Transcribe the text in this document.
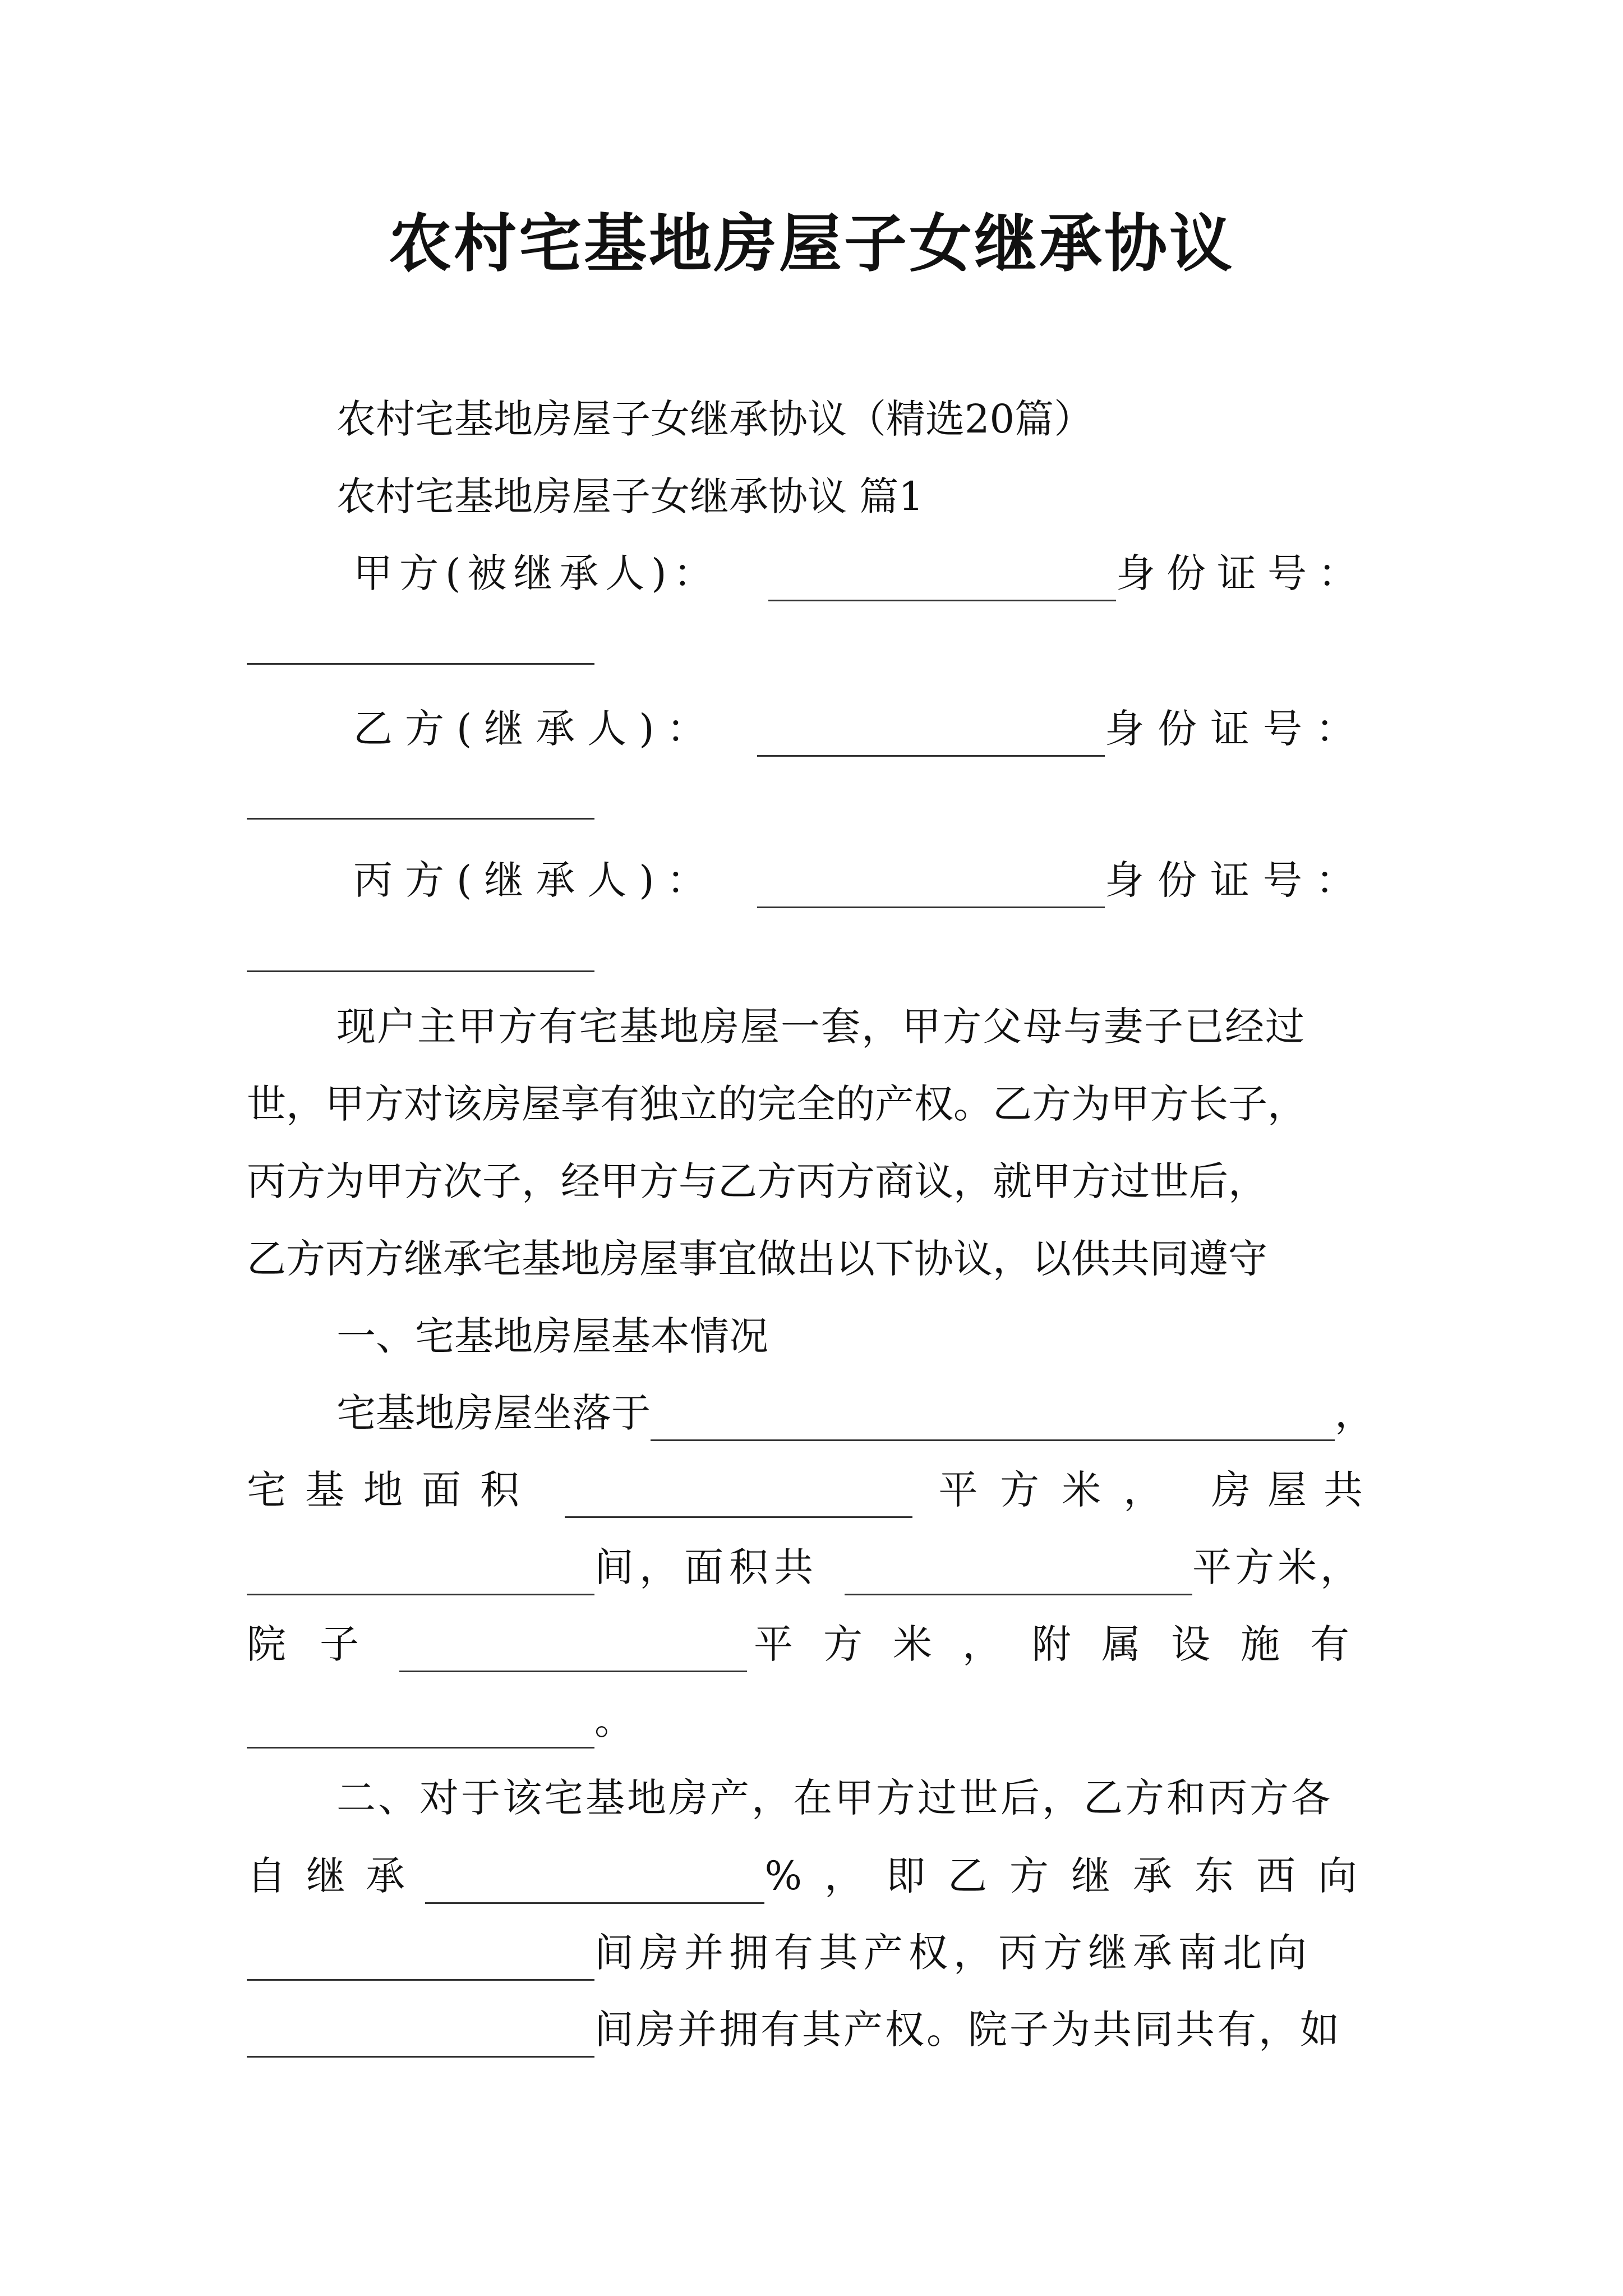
农村宅基地房屋子女继承协议
农村宅基地房屋子女继承协议（精选20篇）
农村宅基地房屋子女继承协议 篇1
甲方(被继承人)：	身份证号：
乙方(继承人)：	身份证号：
丙方(继承人)：	身份证号：
现户主甲方有宅基地房屋一套，甲方父母与妻子已经过
世，甲方对该房屋享有独立的完全的产权。乙方为甲方长子，
丙方为甲方次子，经甲方与乙方丙方商议，就甲方过世后，
乙方丙方继承宅基地房屋事宜做出以下协议，以供共同遵守
一、宅基地房屋基本情况
宅基地房屋坐落于	，
宅基地面积	平方米， 房屋共
间，面积共	平方米，
院子	平方米，附属设施有
。
二、对于该宅基地房产，在甲方过世后，乙方和丙方各
自继承	%，即乙方继承东西向
间房并拥有其产权，丙方继承南北向
间房并拥有其产权。院子为共同共有，如
